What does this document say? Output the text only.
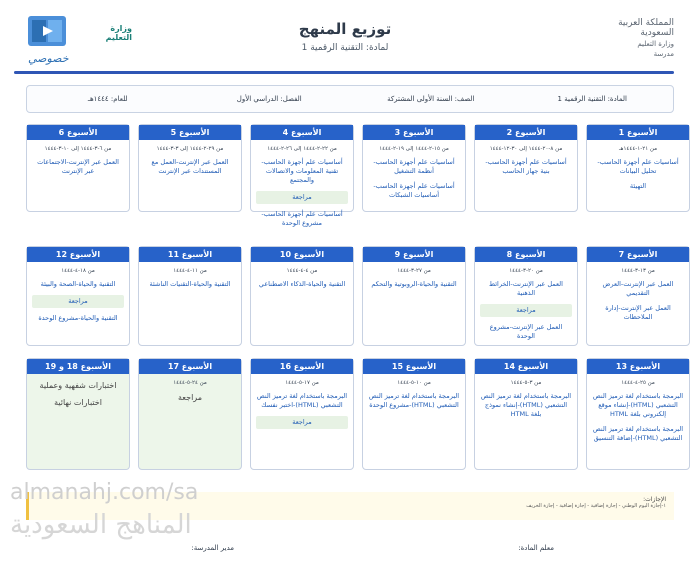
المملكة العربية السعودية
وزارة التعليم
مدرسة
توزيع المنهج
لمادة: التقنية الرقمية 1
خصوصي
وزارة التعليم
المادة: التقنية الرقمية 1
الصف: السنة الأولى المشتركة
الفصل: الدراسي الأول
للعام: ١٤٤٤هـ
الأسبوع 1
من ٢١-١-١٤٤٤هـ
أساسيات علم أجهزة الحاسب-تحليل البيانات
التهيئة
الأسبوع 2
من ٨-٢٠-١٤٤٤ إلى ٣٠-١٢-١٤٤٤
أساسيات علم أجهزة الحاسب- بنية جهاز الحاسب
الأسبوع 3
من ١٥-٢-١٤٤٤ إلى ١٩-٢-١٤٤٤
أساسيات علم أجهزة الحاسب-أنظمة التشغيل
أساسيات علم أجهزة الحاسب-أساسيات الشبكات
الأسبوع 4
من ٢٢-٢-١٤٤٤ إلى ٢٦-٢-١٤٤٤
أساسيات علم أجهزة الحاسب-تقنية المعلومات والاتصالات والمجتمع
مراجعة
أساسيات علم أجهزة الحاسب-مشروع الوحدة
الأسبوع 5
من ٢٩-٢-١٤٤٤ إلى ٣-٣-١٤٤٤
العمل عبر الإنترنت-العمل مع المستندات عبر الإنترنت
الأسبوع 6
من ٦-٣-١٤٤٤ إلى ١٠-٣-١٤٤٤
العمل عبر الإنترنت-الاجتماعات عبر الإنترنت
الأسبوع 7
من ١٣-٣-١٤٤٤
العمل عبر الإنترنت-العرض التقديمي
العمل عبر الإنترنت-إدارة الملاحظات
الأسبوع 8
من ٢٠-٣-١٤٤٤
العمل عبر الإنترنت-الخرائط الذهنية
مراجعة
العمل عبر الإنترنت-مشروع الوحدة
الأسبوع 9
من ٢٧-٣-١٤٤٤
التقنية والحياة-الروبوتية والتحكم
الأسبوع 10
من ٤-٤-١٤٤٤
التقنية والحياة-الذكاء الاصطناعي
الأسبوع 11
من ١١-٤-١٤٤٤
التقنية والحياة-التقنيات الناشئة
الأسبوع 12
من ١٨-٤-١٤٤٤
التقنية والحياة-الصحة والبيئة
مراجعة
التقنية والحياة-مشروع الوحدة
الأسبوع 13
من ٢٥-٤-١٤٤٤
البرمجة باستخدام لغة ترميز النص التشعبي (HTML)-إنشاء موقع إلكتروني بلغة HTML
البرمجة باستخدام لغة ترميز النص التشعبي (HTML)-إضافة التنسيق
الأسبوع 14
من ٣-٥-١٤٤٤
البرمجة باستخدام لغة ترميز النص التشعبي (HTML)-إنشاء نموذج بلغة HTML
الأسبوع 15
من ١٠-٥-١٤٤٤
البرمجة باستخدام لغة ترميز النص التشعبي (HTML)-مشروع الوحدة
الأسبوع 16
من ١٧-٥-١٤٤٤
البرمجة باستخدام لغة ترميز النص التشعبي (HTML)-اختبر نفسك
مراجعة
الأسبوع 17
من ٢٤-٥-١٤٤٤
مراجعة
الأسبوع 18 و 19
اختبارات شفهية وعملية
اختبارات نهائية
الإجازات:
١-إجازة اليوم الوطني - إجازة إضافية - إجازة إضافية - إجازة الخريف
almanahj.com/sa
المناهج السعودية
معلم المادة:
مدير المدرسة:
